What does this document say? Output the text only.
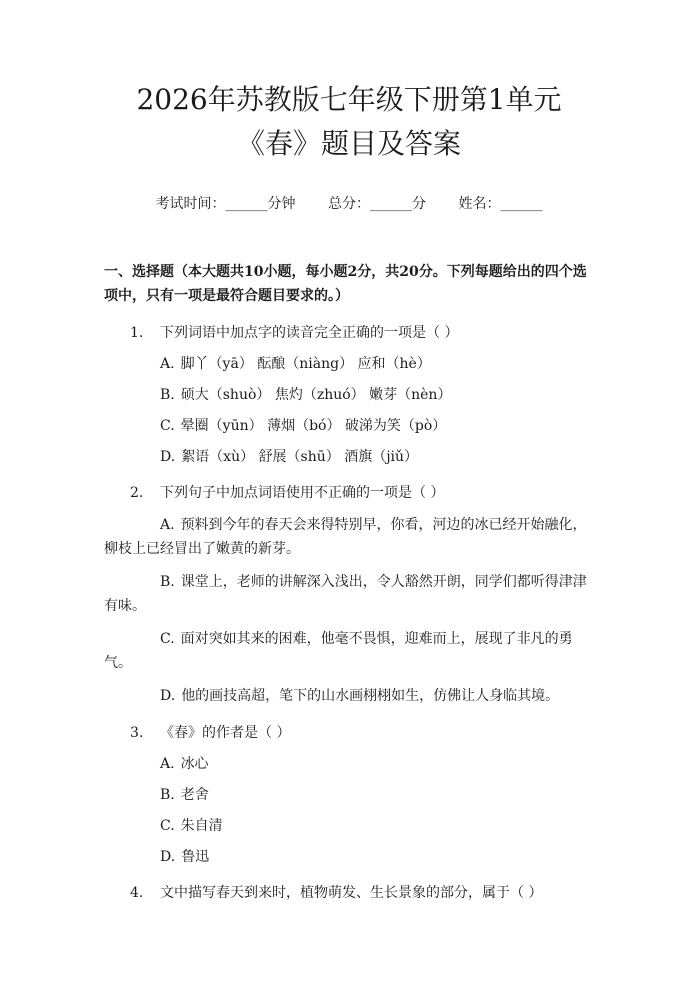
2026年苏教版七年级下册第1单元《春》题目及答案
考试时间：______分钟 总分：______分 姓名：______
一、选择题（本大题共10小题，每小题2分，共20分。下列每题给出的四个选项中，只有一项是最符合题目要求的。）
1.	下列词语中加点字的读音完全正确的一项是（ ）
A. 脚丫（yā） 酝酿（niàng） 应和（hè）
B. 硕大（shuò） 焦灼（zhuó） 嫩芽（nèn）
C. 晕圈（yūn） 薄烟（bó） 破涕为笑（pò）
D. 絮语（xù） 舒展（shū） 酒旗（jiǔ）
2.	下列句子中加点词语使用不正确的一项是（ ）
A. 预料到今年的春天会来得特别早，你看，河边的冰已经开始融化，柳枝上已经冒出了嫩黄的新芽。
B. 课堂上，老师的讲解深入浅出，令人豁然开朗，同学们都听得津津有味。
C. 面对突如其来的困难，他毫不畏惧，迎难而上，展现了非凡的勇气。
D. 他的画技高超，笔下的山水画栩栩如生，仿佛让人身临其境。
3.	《春》的作者是（ ）
A. 冰心
B. 老舍
C. 朱自清
D. 鲁迅
4.	文中描写春天到来时，植物萌发、生长景象的部分，属于（ ）
